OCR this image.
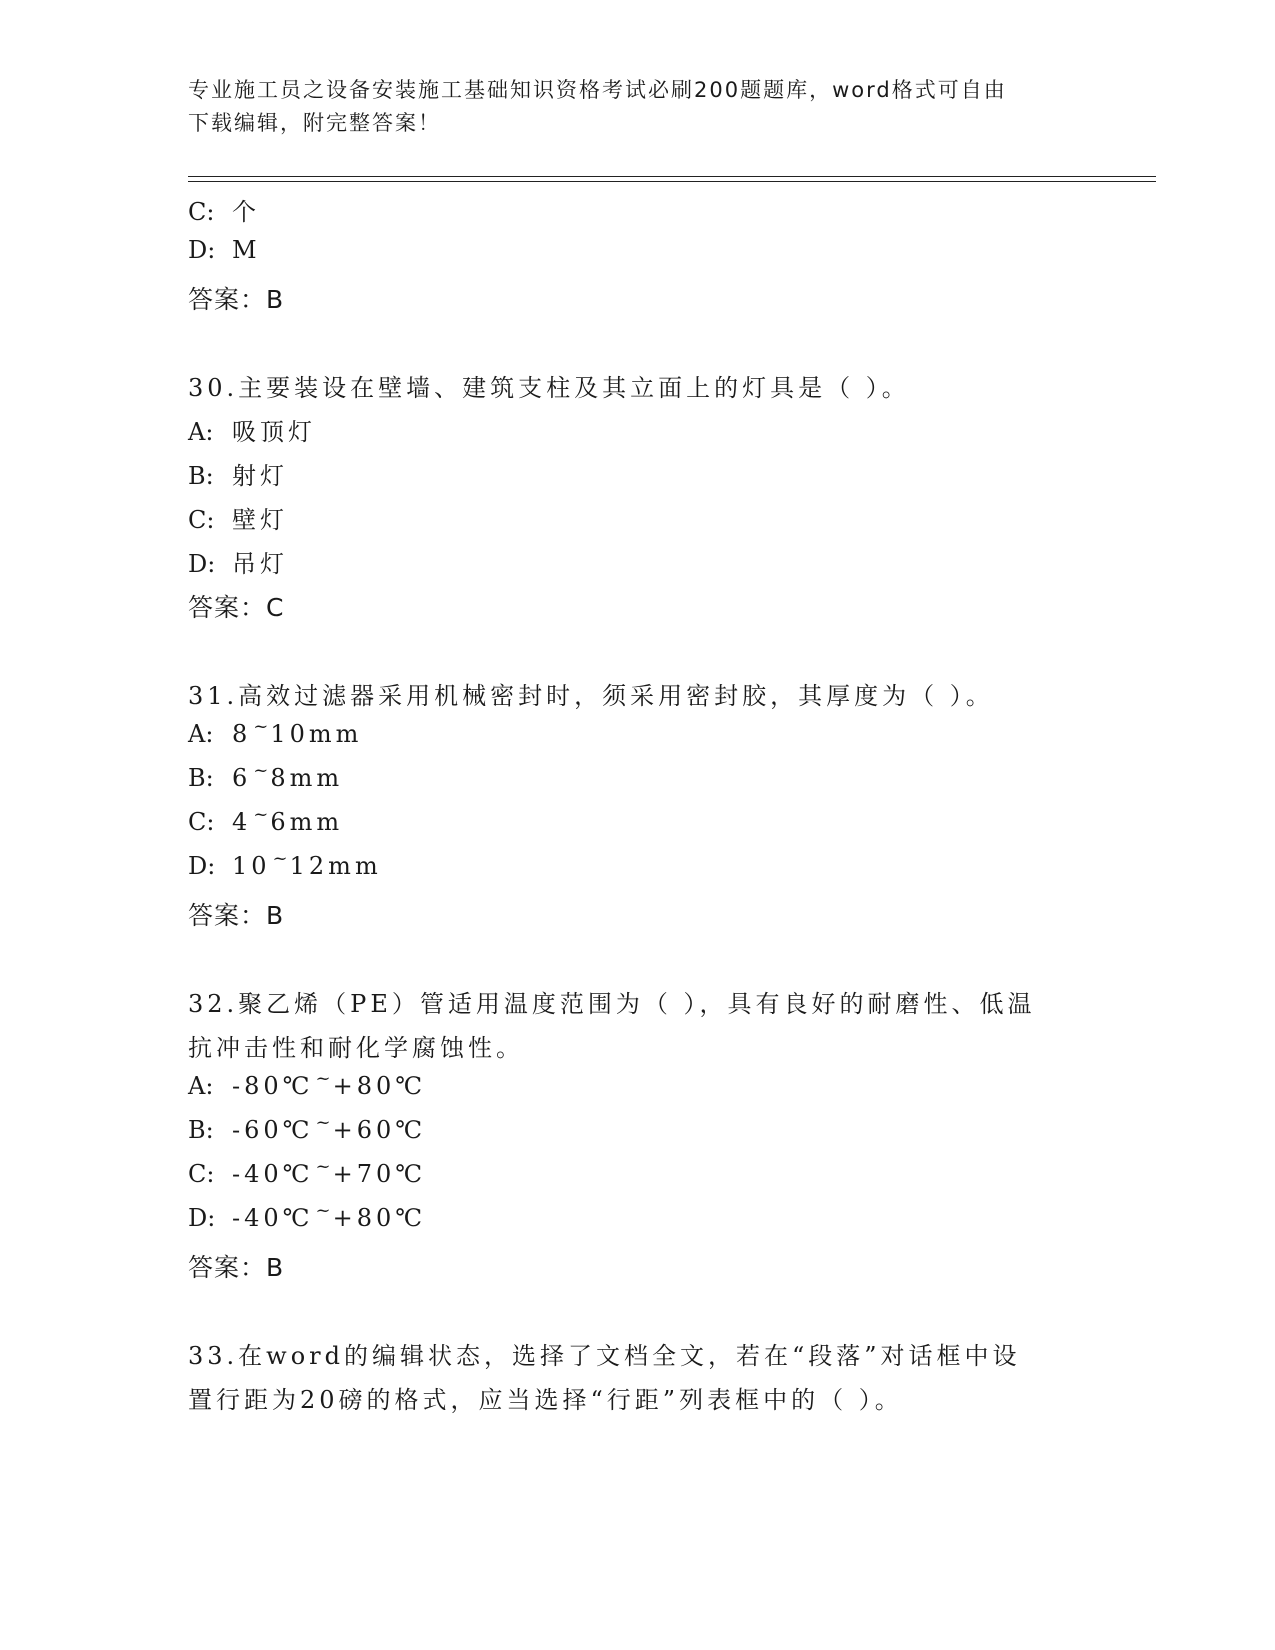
专业施工员之设备安装施工基础知识资格考试必刷200题题库，word格式可自由
下载编辑，附完整答案！
C: 个
D: M
答案：B
30.主要装设在壁墙、建筑支柱及其立面上的灯具是（ ）。
A: 吸顶灯
B: 射灯
C: 壁灯
D: 吊灯
答案：C
31.高效过滤器采用机械密封时，须采用密封胶，其厚度为（ ）。
A: 8 ~10mm
B: 6 ~8mm
C: 4 ~6mm
D: 10 ~12mm
答案：B
32.聚乙烯（PE）管适用温度范围为（ ），具有良好的耐磨性、低温
抗冲击性和耐化学腐蚀性。
A: -80℃ ~+80℃
B: -60℃ ~+60℃
C: -40℃ ~+70℃
D: -40℃ ~+80℃
答案：B
33.在word的编辑状态，选择了文档全文，若在“段落”对话框中设
置行距为20磅的格式，应当选择“行距”列表框中的（ ）。
